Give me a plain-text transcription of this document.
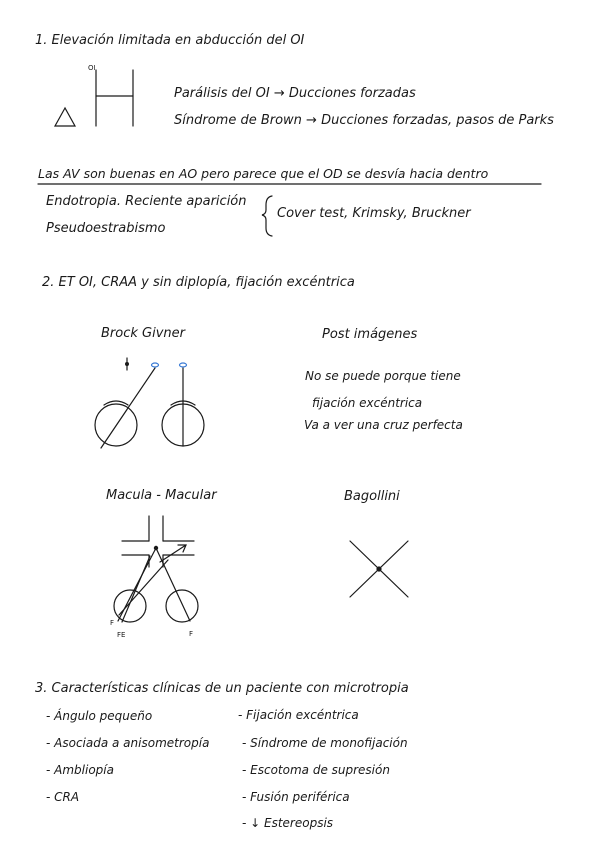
1. Elevación limitada en abducción del OI
OI
Parálisis del OI → Ducciones forzadas
Síndrome de Brown → Ducciones forzadas, pasos de Parks
Las AV son buenas en AO pero parece que el OD se desvía hacia dentro
Endotropia. Reciente aparición
Pseudoestrabismo
Cover test, Krimsky, Bruckner
2. ET OI, CRAA y sin diplopía, fijación excéntrica
Brock Givner	Post imágenes
No se puede porque tiene
fijación excéntrica
Va a ver una cruz perfecta
Macula - Macular	Bagollini
FE	F
F
3. Características clínicas de un paciente con microtropia
- Ángulo pequeño
- Asociada a anisometropía
- Ambliopía
- CRA
- Fijación excéntrica
- Síndrome de monofijación
- Escotoma de supresión
- Fusión periférica
- ↓ Estereopsis
